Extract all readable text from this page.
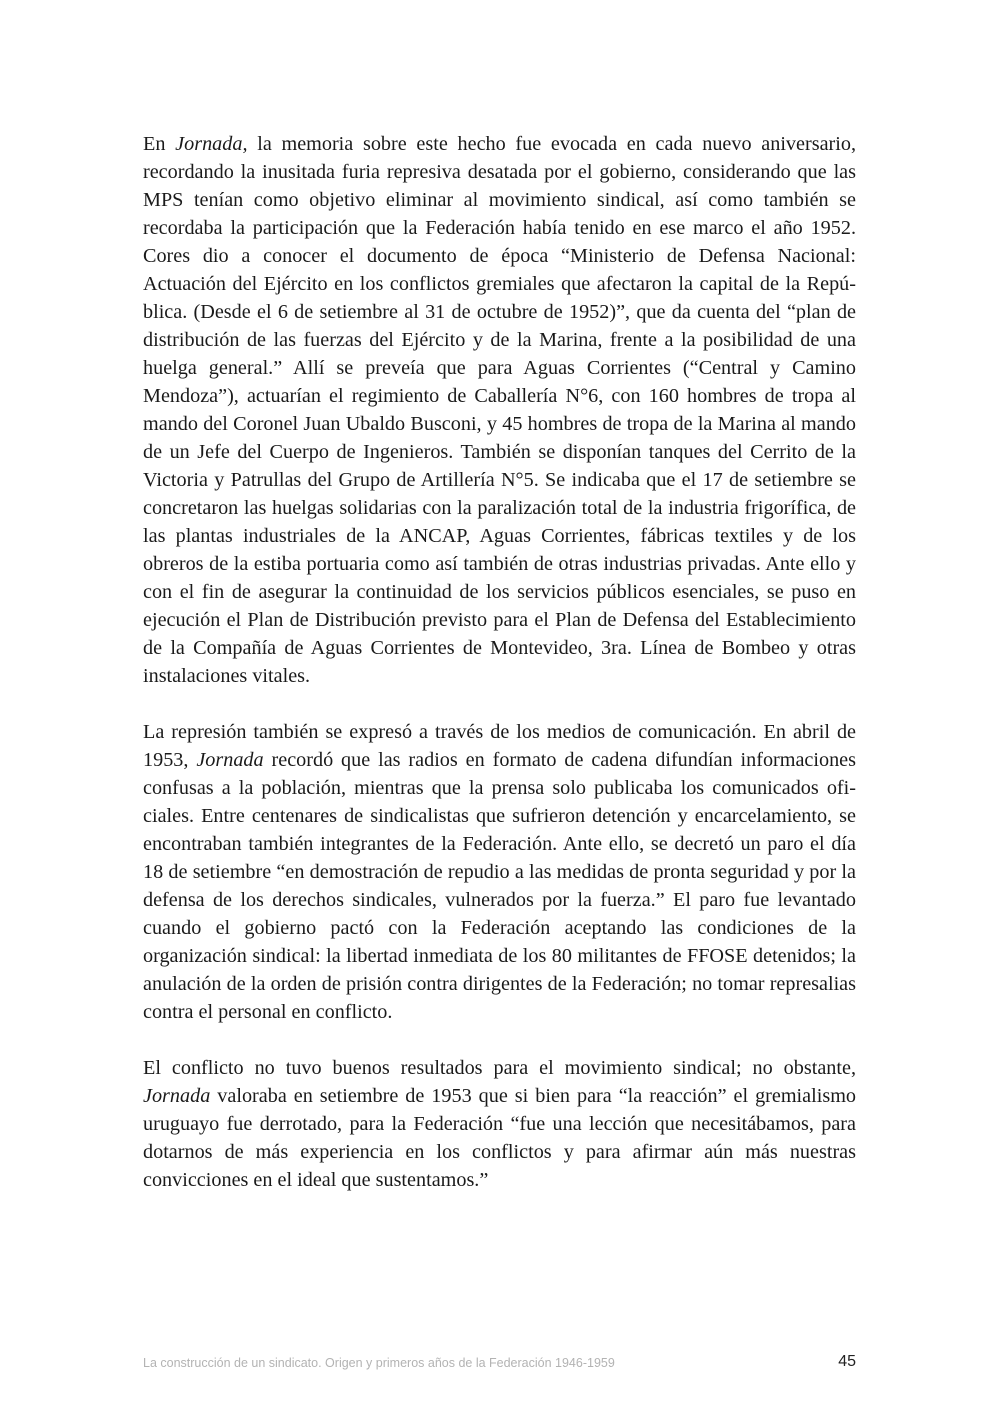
En Jornada, la memoria sobre este hecho fue evocada en cada nuevo aniversario, recordando la inusitada furia represiva desatada por el gobierno, considerando que las MPS tenían como objetivo eliminar al movimiento sindical, así como también se recordaba la participación que la Federación había tenido en ese marco el año 1952. Cores dio a conocer el documento de época “Ministerio de Defensa Nacional: Actuación del Ejército en los conflictos gremiales que afectaron la capital de la República. (Desde el 6 de setiembre al 31 de octubre de 1952)”, que da cuenta del “plan de distribución de las fuerzas del Ejército y de la Marina, frente a la posibilidad de una huelga general.” Allí se preveía que para Aguas Corrientes (“Central y Camino Mendoza”), actuarían el regimiento de Caballería N°6, con 160 hombres de tropa al mando del Coronel Juan Ubaldo Busconi, y 45 hombres de tropa de la Marina al mando de un Jefe del Cuerpo de Ingenieros. También se disponían tanques del Cerrito de la Victoria y Patrullas del Grupo de Artillería N°5. Se indicaba que el 17 de setiembre se concretaron las huelgas solidarias con la paralización total de la industria frigorífica, de las plantas industriales de la ANCAP, Aguas Corrientes, fábricas textiles y de los obreros de la estiba portuaria como así también de otras industrias privadas. Ante ello y con el fin de asegurar la continuidad de los servicios públicos esenciales, se puso en ejecución el Plan de Distribución previsto para el Plan de Defensa del Establecimiento de la Compañía de Aguas Corrientes de Montevideo, 3ra. Línea de Bombeo y otras instalaciones vitales.

La represión también se expresó a través de los medios de comunicación. En abril de 1953, Jornada recordó que las radios en formato de cadena difundían informaciones confusas a la población, mientras que la prensa solo publicaba los comunicados oficiales. Entre centenares de sindicalistas que sufrieron detención y encarcelamiento, se encontraban también integrantes de la Federación. Ante ello, se decretó un paro el día 18 de setiembre “en demostración de repudio a las medidas de pronta seguridad y por la defensa de los derechos sindicales, vulnerados por la fuerza.” El paro fue levantado cuando el gobierno pactó con la Federación aceptando las condiciones de la organización sindical: la libertad inmediata de los 80 militantes de FFOSE detenidos; la anulación de la orden de prisión contra dirigentes de la Federación; no tomar represalias contra el personal en conflicto.

El conflicto no tuvo buenos resultados para el movimiento sindical; no obstante, Jornada valoraba en setiembre de 1953 que si bien para “la reacción” el gremialismo uruguayo fue derrotado, para la Federación “fue una lección que necesitábamos, para dotarnos de más experiencia en los conflictos y para afirmar aún más nuestras convicciones en el ideal que sustentamos.”

La construcción de un sindicato. Origen y primeros años de la Federación 1946-1959	45
